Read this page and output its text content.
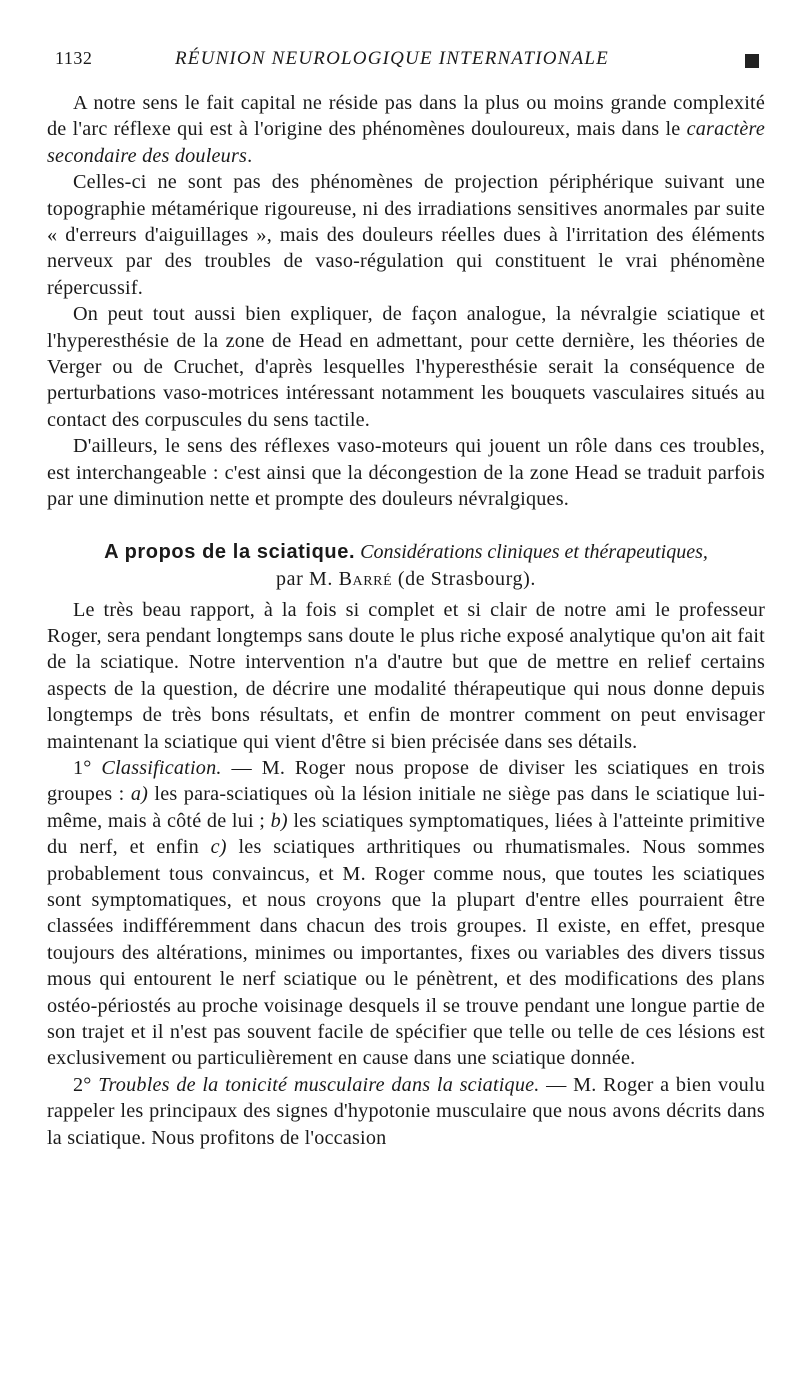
1132	RÉUNION NEUROLOGIQUE INTERNATIONALE

A notre sens le fait capital ne réside pas dans la plus ou moins grande complexité de l'arc réflexe qui est à l'origine des phénomènes douloureux, mais dans le caractère secondaire des douleurs.

Celles-ci ne sont pas des phénomènes de projection périphérique suivant une topographie métamérique rigoureuse, ni des irradiations sensitives anormales par suite « d'erreurs d'aiguillages », mais des douleurs réelles dues à l'irritation des éléments nerveux par des troubles de vaso-régulation qui constituent le vrai phénomène répercussif.

On peut tout aussi bien expliquer, de façon analogue, la névralgie sciatique et l'hyperesthésie de la zone de Head en admettant, pour cette dernière, les théories de Verger ou de Cruchet, d'après lesquelles l'hyperesthésie serait la conséquence de perturbations vaso-motrices intéressant notamment les bouquets vasculaires situés au contact des corpuscules du sens tactile.

D'ailleurs, le sens des réflexes vaso-moteurs qui jouent un rôle dans ces troubles, est interchangeable : c'est ainsi que la décongestion de la zone Head se traduit parfois par une diminution nette et prompte des douleurs névralgiques.

A propos de la sciatique. Considérations cliniques et thérapeutiques,
par M. Barré (de Strasbourg).

Le très beau rapport, à la fois si complet et si clair de notre ami le professeur Roger, sera pendant longtemps sans doute le plus riche exposé analytique qu'on ait fait de la sciatique. Notre intervention n'a d'autre but que de mettre en relief certains aspects de la question, de décrire une modalité thérapeutique qui nous donne depuis longtemps de très bons résultats, et enfin de montrer comment on peut envisager maintenant la sciatique qui vient d'être si bien précisée dans ses détails.

1° Classification. — M. Roger nous propose de diviser les sciatiques en trois groupes : a) les para-sciatiques où la lésion initiale ne siège pas dans le sciatique lui-même, mais à côté de lui ; b) les sciatiques symptomatiques, liées à l'atteinte primitive du nerf, et enfin c) les sciatiques arthritiques ou rhumatismales. Nous sommes probablement tous convaincus, et M. Roger comme nous, que toutes les sciatiques sont symptomatiques, et nous croyons que la plupart d'entre elles pourraient être classées indifféremment dans chacun des trois groupes. Il existe, en effet, presque toujours des altérations, minimes ou importantes, fixes ou variables des divers tissus mous qui entourent le nerf sciatique ou le pénètrent, et des modifications des plans ostéo-périostés au proche voisinage desquels il se trouve pendant une longue partie de son trajet et il n'est pas souvent facile de spécifier que telle ou telle de ces lésions est exclusivement ou particulièrement en cause dans une sciatique donnée.

2° Troubles de la tonicité musculaire dans la sciatique. — M. Roger a bien voulu rappeler les principaux des signes d'hypotonie musculaire que nous avons décrits dans la sciatique. Nous profitons de l'occasion
